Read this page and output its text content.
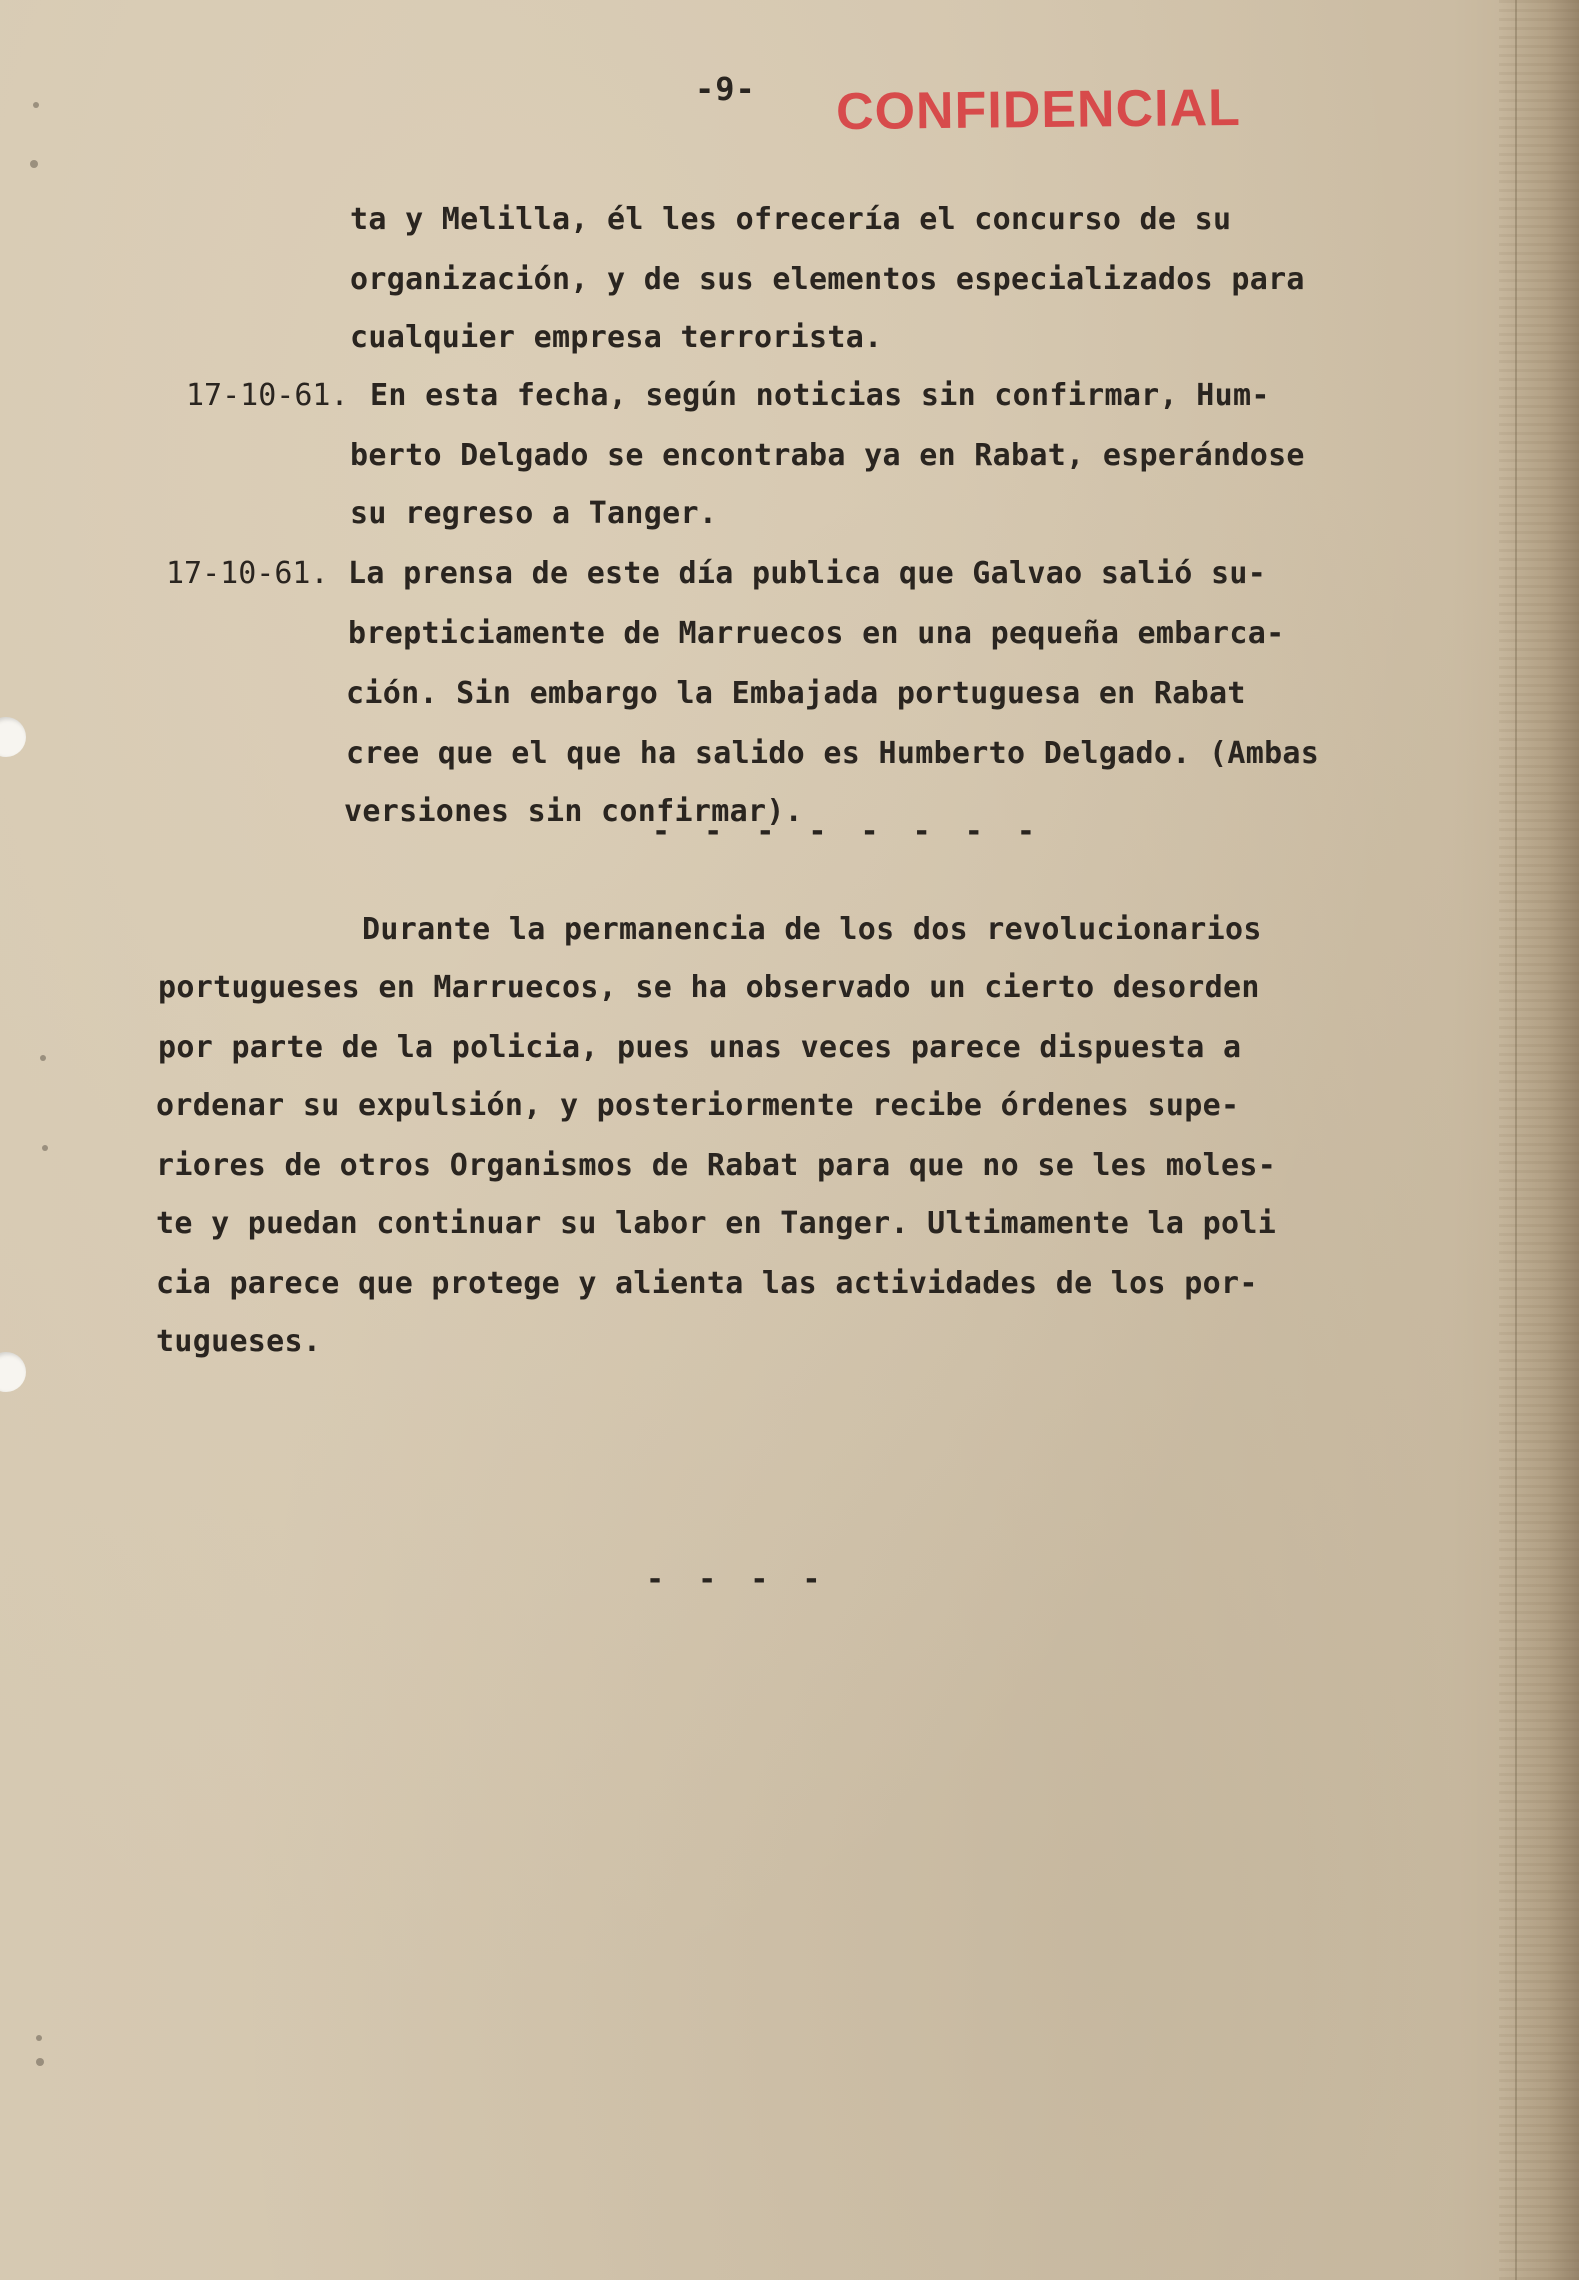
-9- CONFIDENCIAL
ta y Melilla, él les ofrecería el concurso de su
organización, y de sus elementos especializados para
cualquier empresa terrorista.
17-10-61. En esta fecha, según noticias sin confirmar, Hum-
berto Delgado se encontraba ya en Rabat, esperándose
su regreso a Tanger.
17-10-61. La prensa de este día publica que Galvao salió su-
brepticiamente de Marruecos en una pequeña embarca-
ción. Sin embargo la Embajada portuguesa en Rabat
cree que el que ha salido es Humberto Delgado. (Ambas
versiones sin confirmar).
- - - - - - - -
Durante la permanencia de los dos revolucionarios
portugueses en Marruecos, se ha observado un cierto desorden
por parte de la policia, pues unas veces parece dispuesta a
ordenar su expulsión, y posteriormente recibe órdenes supe-
riores de otros Organismos de Rabat para que no se les moles-
te y puedan continuar su labor en Tanger. Ultimamente la poli
cia parece que protege y alienta las actividades de los por-
tugueses.
- - - -
